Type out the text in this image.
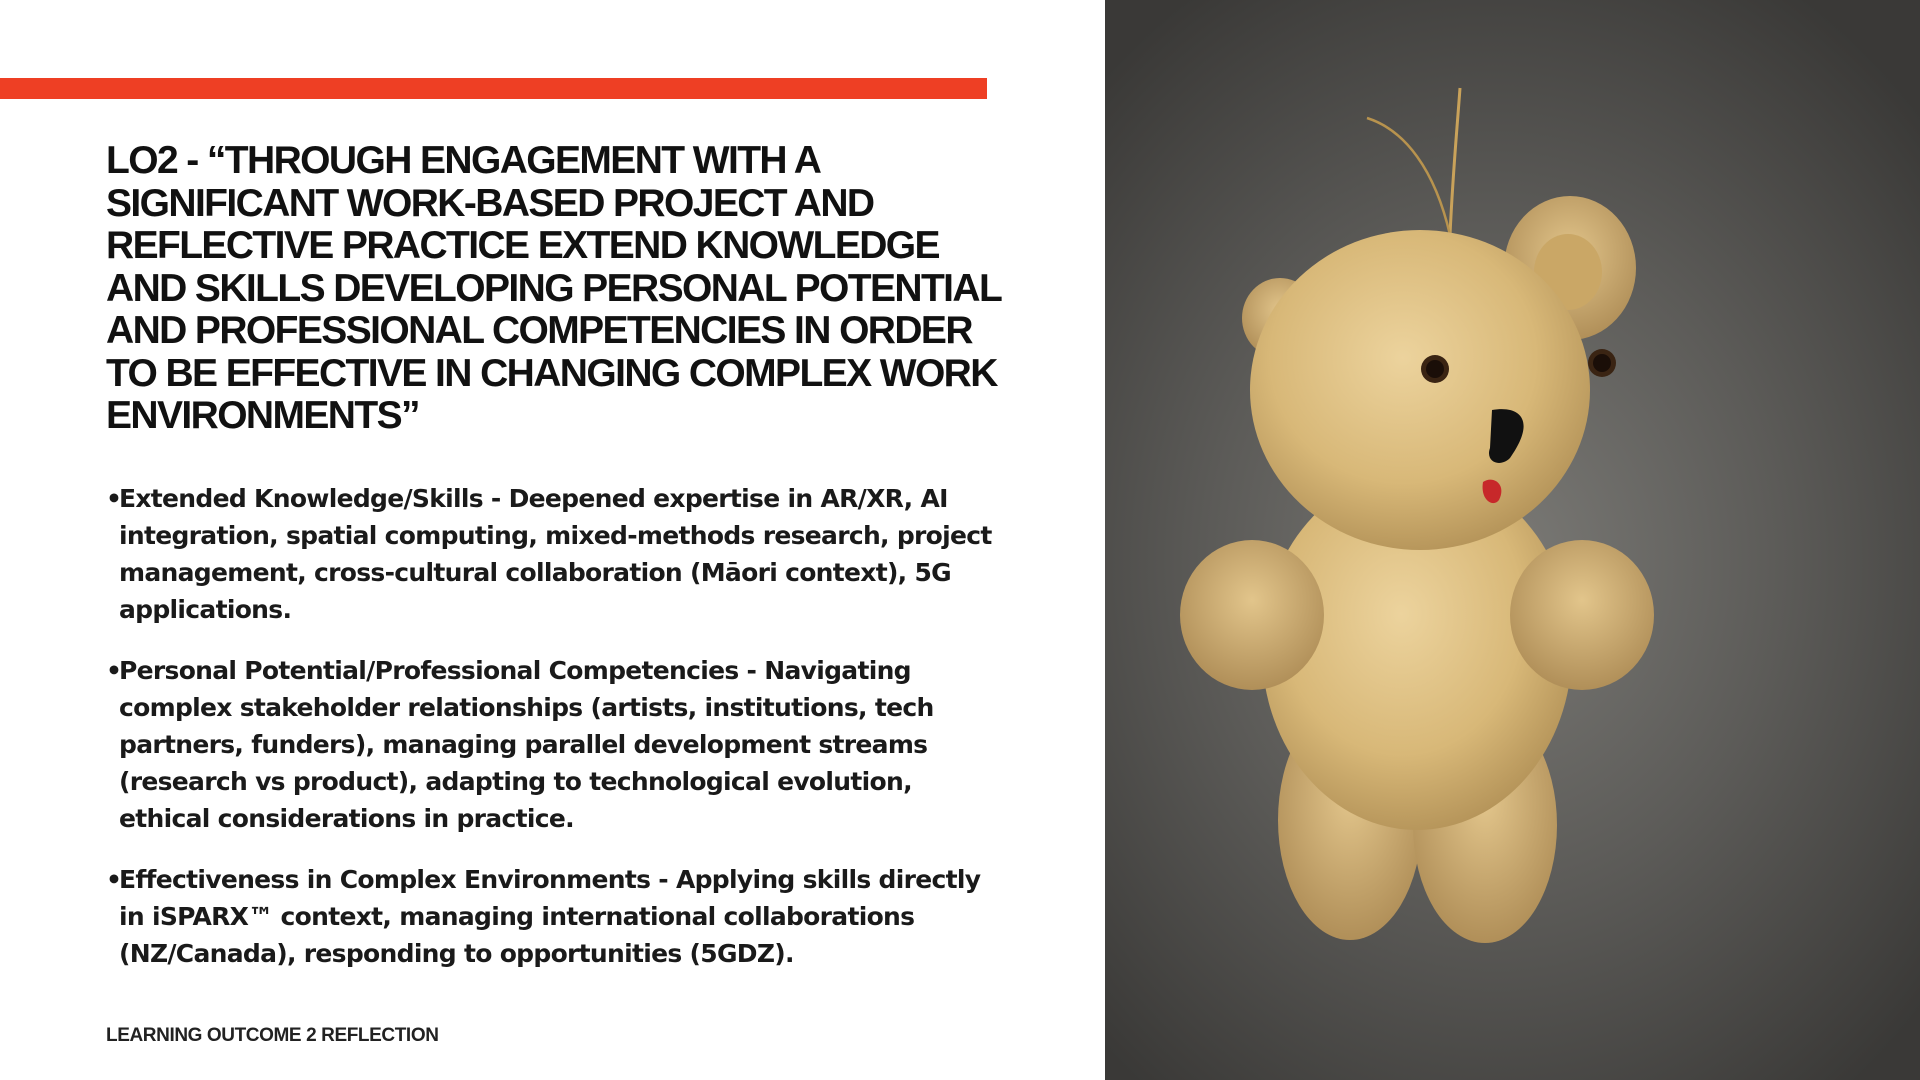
LO2 - “THROUGH ENGAGEMENT WITH A SIGNIFICANT WORK-BASED PROJECT AND REFLECTIVE PRACTICE EXTEND KNOWLEDGE AND SKILLS DEVELOPING PERSONAL POTENTIAL AND PROFESSIONAL COMPETENCIES IN ORDER TO BE EFFECTIVE IN CHANGING COMPLEX WORK ENVIRONMENTS”
•
Extended Knowledge/Skills - Deepened expertise in AR/XR, AI integration, spatial computing, mixed-methods research, project management, cross-cultural collaboration (Māori context), 5G applications.
•
Personal Potential/Professional Competencies - Navigating complex stakeholder relationships (artists, institutions, tech partners, funders), managing parallel development streams (research vs product), adapting to technological evolution, ethical considerations in practice.
•
Effectiveness in Complex Environments - Applying skills directly in iSPARX™ context, managing international collaborations (NZ/Canada), responding to opportunities (5GDZ).
LEARNING OUTCOME 2 REFLECTION
